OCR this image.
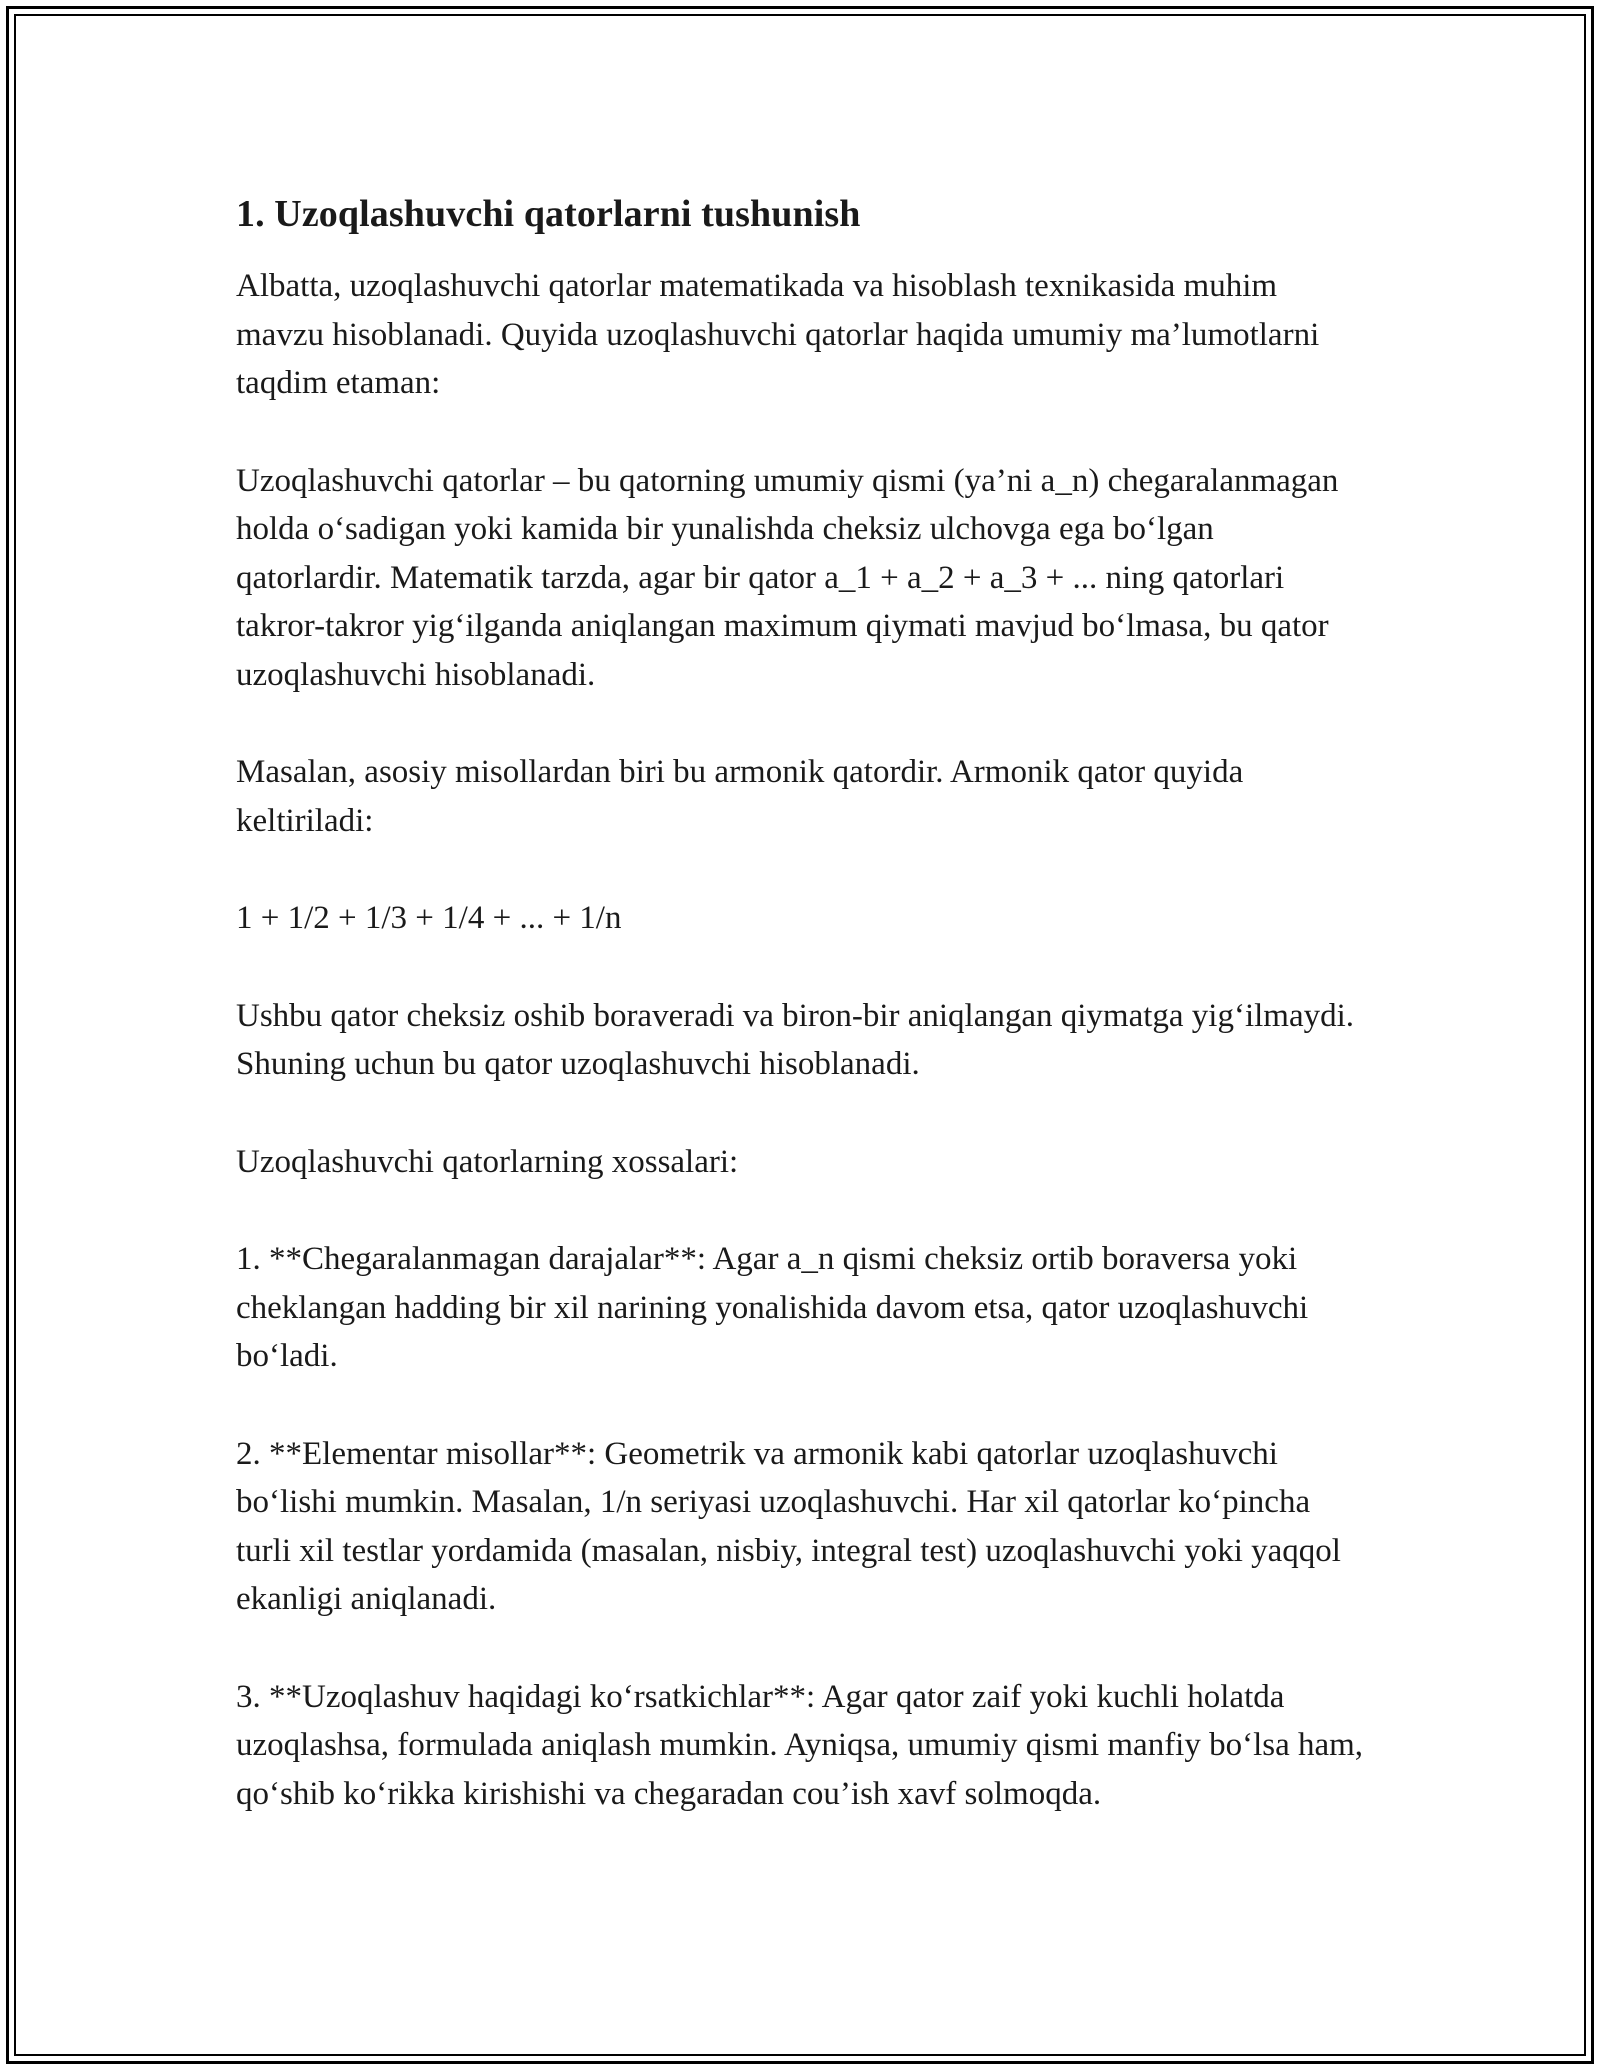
1. Uzoqlashuvchi qatorlarni tushunish

Albatta, uzoqlashuvchi qatorlar matematikada va hisoblash texnikasida muhim mavzu hisoblanadi. Quyida uzoqlashuvchi qatorlar haqida umumiy ma’lumotlarni taqdim etaman:

Uzoqlashuvchi qatorlar – bu qatorning umumiy qismi (ya’ni a_n) chegaralanmagan holda o‘sadigan yoki kamida bir yunalishda cheksiz ulchovga ega bo‘lgan qatorlardir. Matematik tarzda, agar bir qator a_1 + a_2 + a_3 + ... ning qatorlari takror-takror yig‘ilganda aniqlangan maximum qiymati mavjud bo‘lmasa, bu qator uzoqlashuvchi hisoblanadi.

Masalan, asosiy misollardan biri bu armonik qatordir. Armonik qator quyida keltiriladi:

1 + 1/2 + 1/3 + 1/4 + ... + 1/n

Ushbu qator cheksiz oshib boraveradi va biron-bir aniqlangan qiymatga yig‘ilmaydi. Shuning uchun bu qator uzoqlashuvchi hisoblanadi.

Uzoqlashuvchi qatorlarning xossalari:

1. **Chegaralanmagan darajalar**: Agar a_n qismi cheksiz ortib boraversa yoki cheklangan hadding bir xil narining yonalishida davom etsa, qator uzoqlashuvchi bo‘ladi.

2. **Elementar misollar**: Geometrik va armonik kabi qatorlar uzoqlashuvchi bo‘lishi mumkin. Masalan, 1/n seriyasi uzoqlashuvchi. Har xil qatorlar ko‘pincha turli xil testlar yordamida (masalan, nisbiy, integral test) uzoqlashuvchi yoki yaqqol ekanligi aniqlanadi.

3. **Uzoqlashuv haqidagi ko‘rsatkichlar**: Agar qator zaif yoki kuchli holatda uzoqlashsa, formulada aniqlash mumkin. Ayniqsa, umumiy qismi manfiy bo‘lsa ham, qo‘shib ko‘rikka kirishishi va chegaradan cou’ish xavf solmoqda.
